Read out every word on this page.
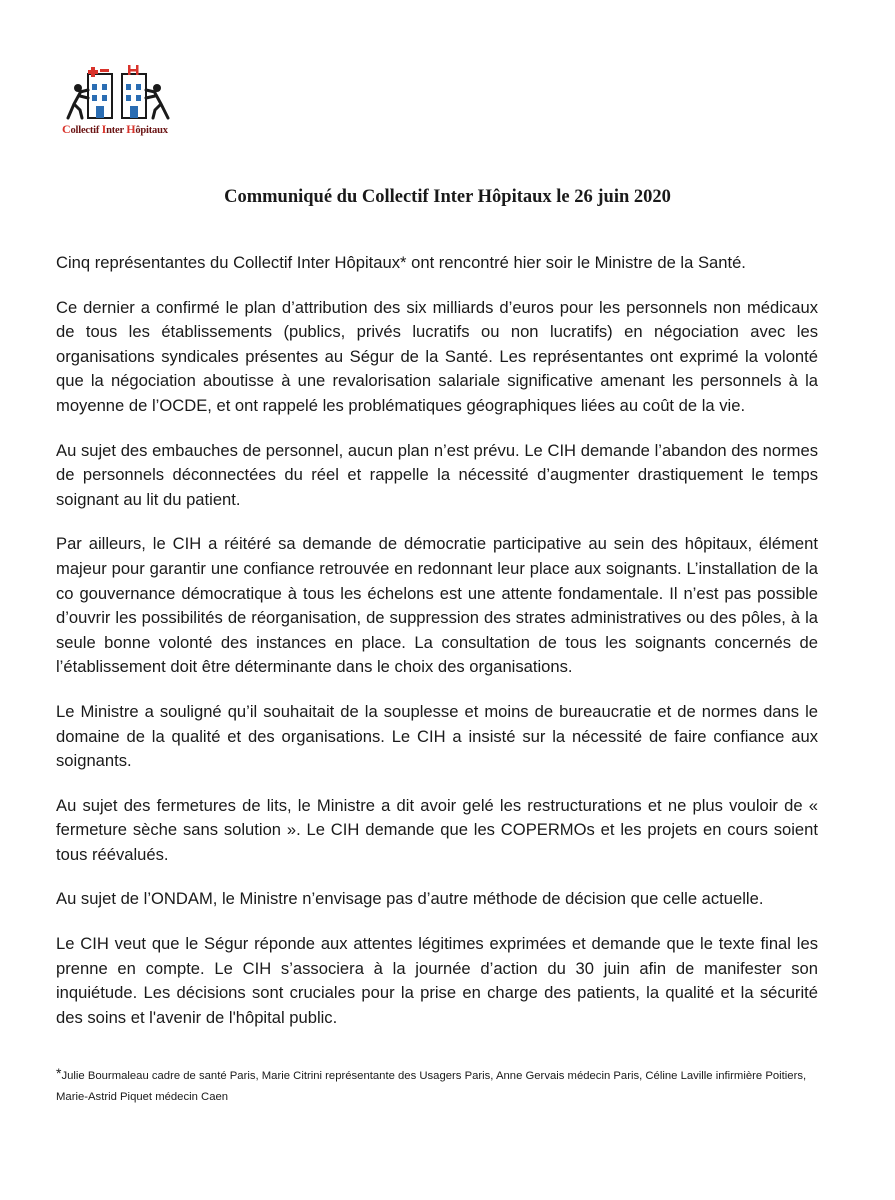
Collectif Inter Hôpitaux
Communiqué du Collectif Inter Hôpitaux le 26 juin 2020

Cinq représentantes du Collectif Inter Hôpitaux* ont rencontré hier soir le Ministre de la Santé.

Ce dernier a confirmé le plan d’attribution des six milliards d’euros pour les personnels non médicaux de tous les établissements (publics, privés lucratifs ou non lucratifs) en négociation avec les organisations syndicales présentes au Ségur de la Santé. Les représentantes ont exprimé la volonté que la négociation aboutisse à une revalorisation salariale significative amenant les personnels à la moyenne de l’OCDE, et ont rappelé les problématiques géographiques liées au coût de la vie.

Au sujet des embauches de personnel, aucun plan n’est prévu. Le CIH demande l’abandon des normes de personnels déconnectées du réel et rappelle la nécessité d’augmenter drastiquement le temps soignant au lit du patient.

Par ailleurs, le CIH a réitéré sa demande de démocratie participative au sein des hôpitaux, élément majeur pour garantir une confiance retrouvée en redonnant leur place aux soignants. L’installation de la co gouvernance démocratique à tous les échelons est une attente fondamentale. Il n’est pas possible d’ouvrir les possibilités de réorganisation, de suppression des strates administratives ou des pôles, à la seule bonne volonté des instances en place. La consultation de tous les soignants concernés de l’établissement doit être déterminante dans le choix des organisations.

Le Ministre a souligné qu’il souhaitait de la souplesse et moins de bureaucratie et de normes dans le domaine de la qualité et des organisations. Le CIH a insisté sur la nécessité de faire confiance aux soignants.

Au sujet des fermetures de lits, le Ministre a dit avoir gelé les restructurations et ne plus vouloir de « fermeture sèche sans solution ». Le CIH demande que les COPERMOs et les projets en cours soient tous réévalués.

Au sujet de l’ONDAM, le Ministre n’envisage pas d’autre méthode de décision que celle actuelle.

Le CIH veut que le Ségur réponde aux attentes légitimes exprimées et demande que le texte final les prenne en compte. Le CIH s’associera à la journée d’action du 30 juin afin de manifester son inquiétude. Les décisions sont cruciales pour la prise en charge des patients, la qualité et la sécurité des soins et l'avenir de l'hôpital public.

*Julie Bourmaleau cadre de santé Paris, Marie Citrini représentante des Usagers Paris, Anne Gervais médecin Paris, Céline Laville infirmière Poitiers, Marie-Astrid Piquet médecin Caen
